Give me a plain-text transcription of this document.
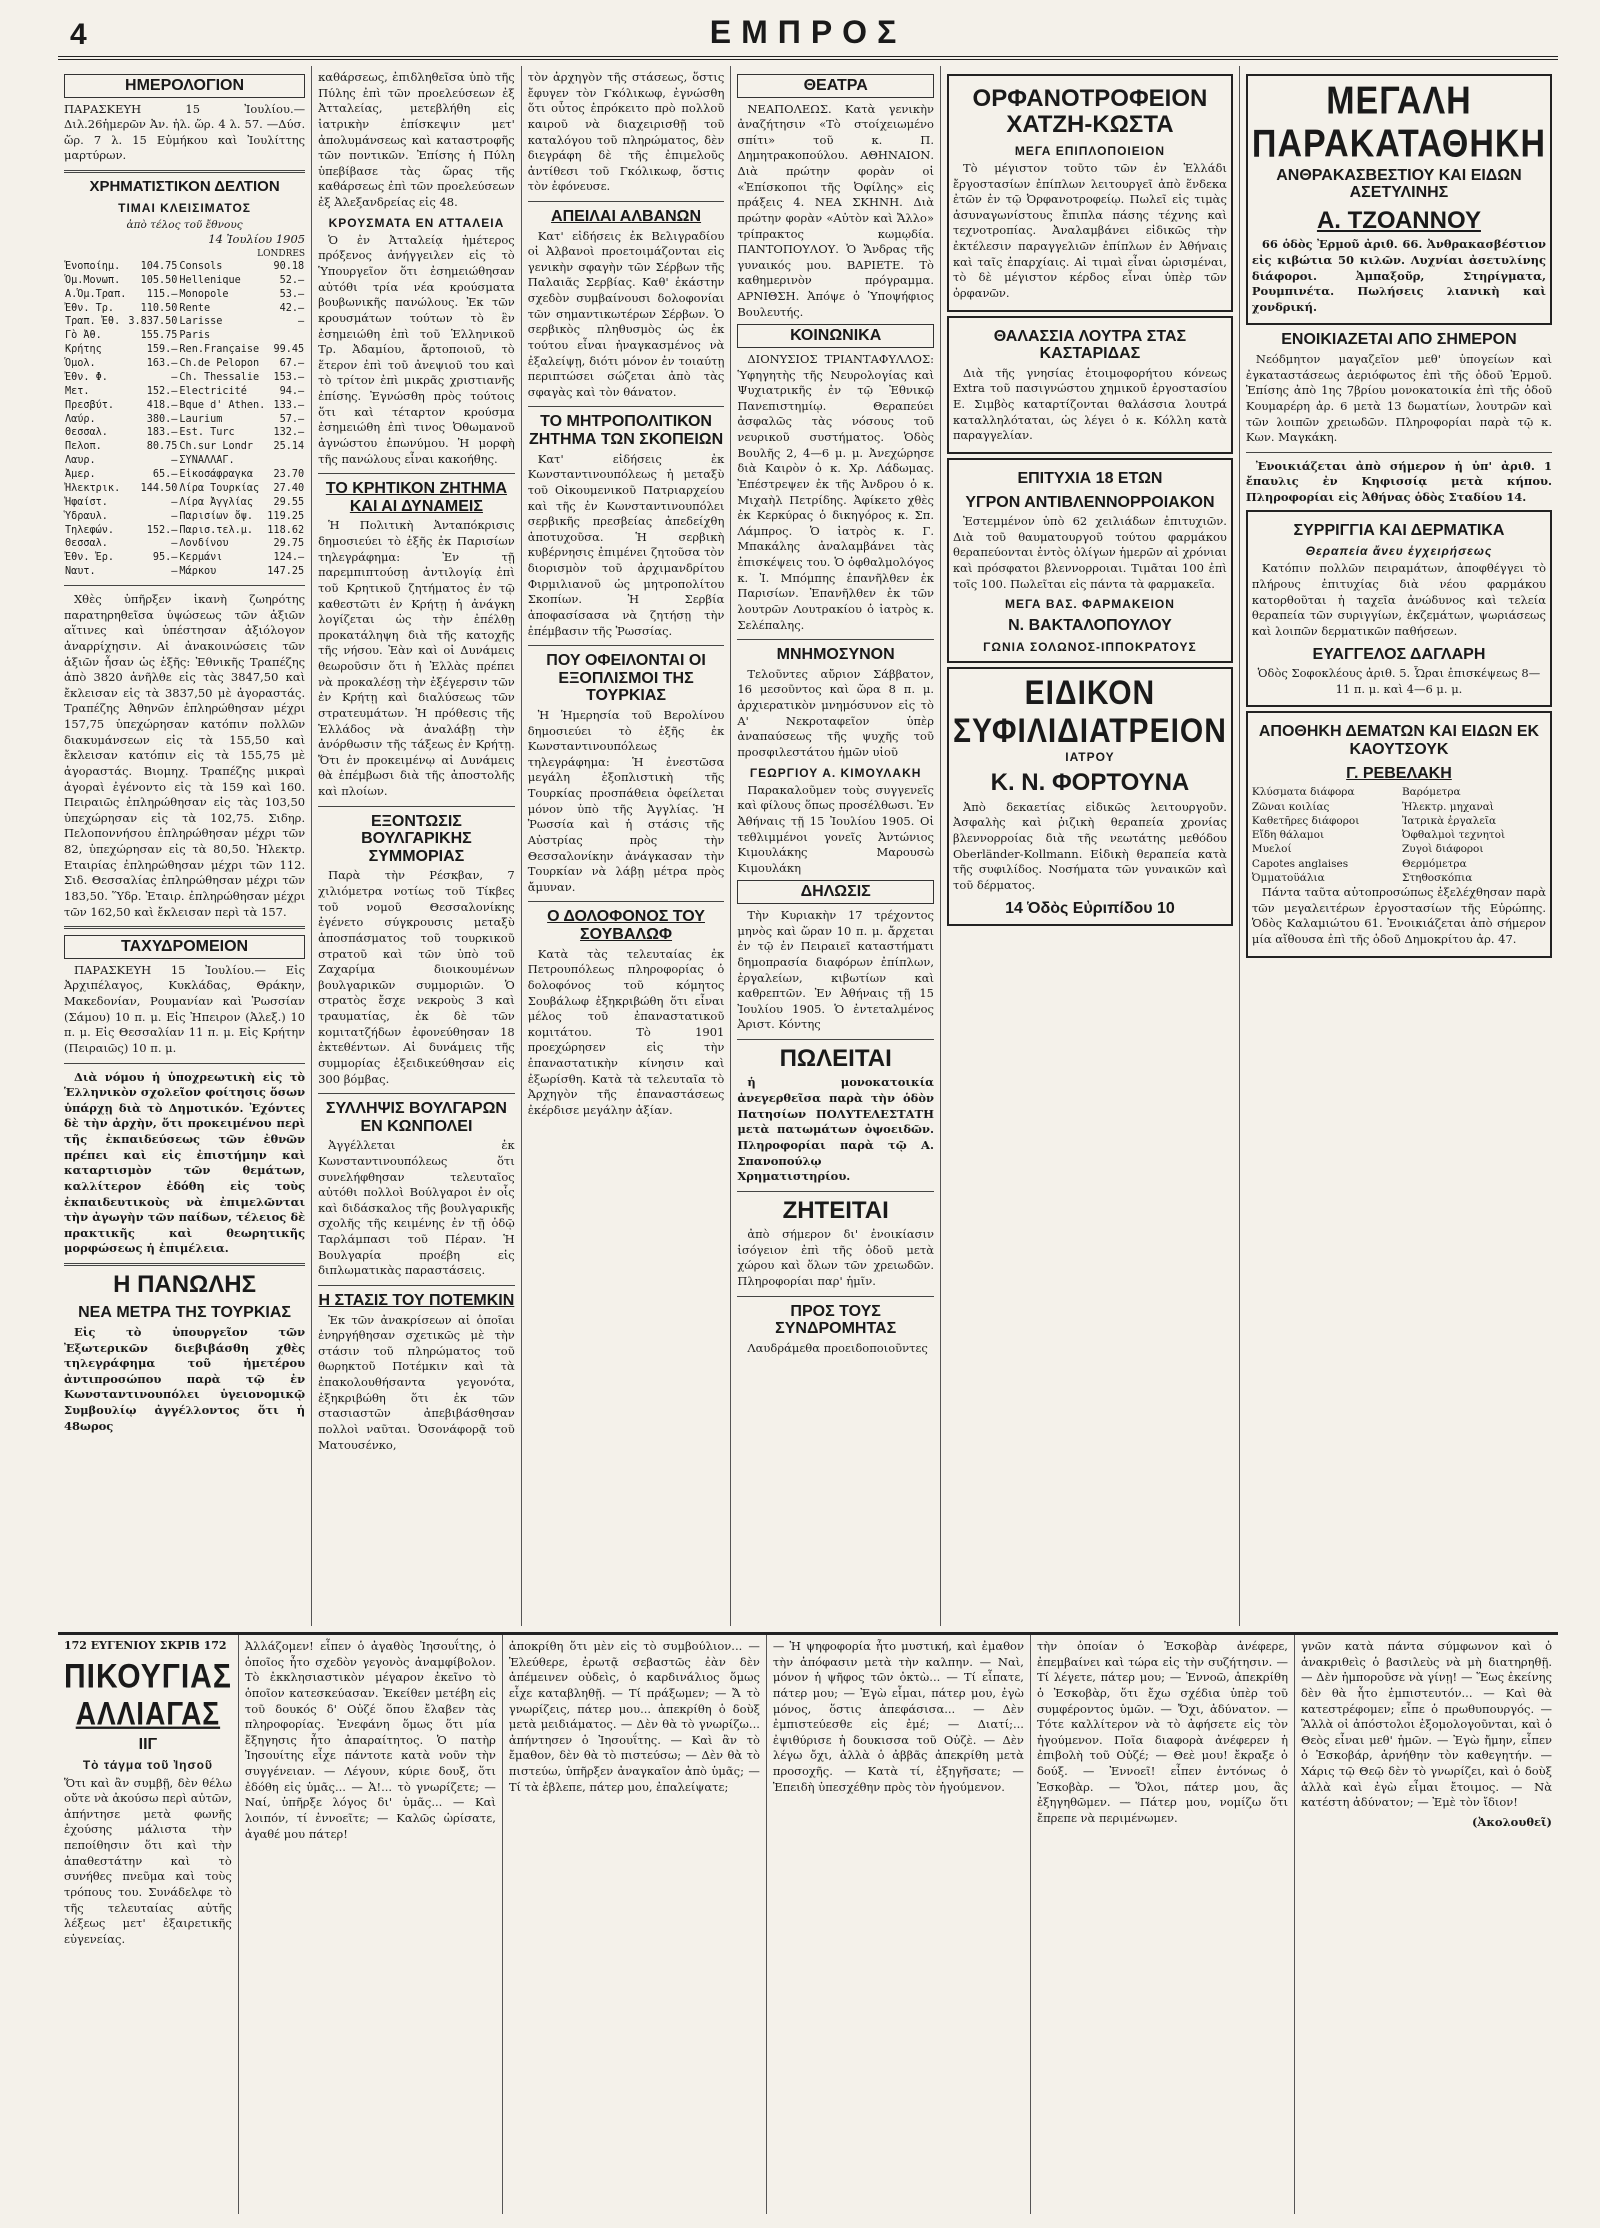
4	ΕΜΠΡΟΣ
ΗΜΕΡΟΛΟΓΙΟΝ

ΠΑΡΑΣΚΕΥΗ 15 Ἰουλίου.—Διλ.26ἡμερῶν Ἀν. ἡλ. ὥρ. 4 λ. 57. —Δύσ. ὥρ. 7 λ. 15 Εὐμήκου καὶ Ἰουλίττης μαρτύρων.

ΧΡΗΜΑΤΙΣΤΙΚΟΝ ΔΕΛΤΙΟΝ
ΤΙΜΑΙ ΚΛΕΙΣΙΜΑΤΟΣ
ἀπὸ τέλος τοῦ ἔθνους
14 Ἰουλίου 1905
LONDRES
Ἑνοποίημ.	104.75	Consols	90.18
Ὁμ.Μονωπ.	105.50	Hellenique	52.—
Α.Ὁμ.Τραπ.	115.—	Monopole	53.—
Ἐθν. Τρ.	110.50	Rente	42.—
Τραπ. Ἐθ.	3.837.50	Larisse	—
Γὸ Ἀθ.	155.75	Paris	
Κρήτης	159.—	Ren.Française	99.45
Ὁμολ.	163.—	Ch.de Pelopon	67.—
Ἐθν. Φ.	—	Ch. Thessalie	153.—
Μετ.	152.—	Electricité	94.—
Πρεσβύτ.	418.—	Bque d' Athen.	133.—
Λαύρ.	380.—	Laurium	57.—
Θεσσαλ.	183.—	Est. Turc	132.—
Πελοπ.	80.75	Ch.sur Londr	25.14
Λαυρ.	—	ΣΥΝΑΛΛΑΓ.	
Ἀμερ.	65.—	Εἰκοσάφραγκα	23.70
Ἠλεκτρικ.	144.50	Λίρα Τουρκίας	27.40
Ἡφαίστ.	—	Λίρα Ἀγγλίας	29.55
Ὑδραυλ.	—	Παρισίων ὄψ.	119.25
Τηλεφών.	152.—	Παρισ.τελ.μ.	118.62
Θεσσαλ.	—	Λονδίνου	29.75
Ἐθν. Ἐρ.	95.—	Κερμάνι	124.—
Ναυτ.	—	Μάρκου	147.25

Χθὲς ὑπῆρξεν ἱκανὴ ζωηρότης παρατηρηθεῖσα ὑψώσεως τῶν ἀξιῶν αἵτινες καὶ ὑπέστησαν ἀξιόλογον ἀναρρίχησιν. Αἱ ἀνακοινώσεις τῶν ἀξιῶν ἦσαν ὡς ἑξῆς: Ἐθνικῆς Τραπέζης ἀπὸ 3820 ἀνῆλθε εἰς τὰς 3847,50 καὶ ἔκλεισαν εἰς τὰ 3837,50 μὲ ἀγοραστάς. Τραπέζης Ἀθηνῶν ἐπληρώθησαν μέχρι 157,75 ὑπεχώρησαν κατόπιν πολλῶν διακυμάνσεων εἰς τὰ 155,50 καὶ ἔκλεισαν κατόπιν εἰς τὰ 155,75 μὲ ἀγοραστάς. Βιομηχ. Τραπέζης μικραὶ ἀγοραὶ ἐγένοντο εἰς τὰ 159 καὶ 160. Πειραιῶς ἐπληρώθησαν εἰς τὰς 103,50 ὑπεχώρησαν εἰς τὰ 102,75. Σιδηρ. Πελοποννήσου ἐπληρώθησαν μέχρι τῶν 82, ὑπεχώρησαν εἰς τὰ 80,50. Ἠλεκτρ. Εταιρίας ἐπληρώθησαν μέχρι τῶν 112. Σιδ. Θεσσαλίας ἐπληρώθησαν μέχρι τῶν 183,50. Ὕδρ. Ἐταιρ. ἐπληρώθησαν μέχρι τῶν 162,50 καὶ ἔκλεισαν περὶ τὰ 157.

ΤΑΧΥΔΡΟΜΕΙΟΝ

ΠΑΡΑΣΚΕΥΗ 15 Ἰουλίου.— Εἰς Ἀρχιπέλαγος, Κυκλάδας, Θράκην, Μακεδονίαν, Ρουμανίαν καὶ Ῥωσσίαν (Σάμου) 10 π. μ. Εἰς Ἠπειρον (Ἀλεξ.) 10 π. μ. Εἰς Θεσσαλίαν 11 π. μ. Εἰς Κρήτην (Πειραιῶς) 10 π. μ.

Διὰ νόμου ἡ ὑποχρεωτικὴ εἰς τὸ Ἑλληνικὸν σχολεῖον φοίτησις ὅσων ὑπάρχῃ διὰ τὸ Δημοτικόν. Ἐχόντες δὲ τὴν ἀρχὴν, ὅτι προκειμένου περὶ τῆς ἐκπαιδεύσεως τῶν ἐθνῶν πρέπει καὶ εἰς ἐπιστήμην καὶ καταρτισμὸν τῶν θεμάτων, καλλίτερον ἐδόθη εἰς τοὺς ἐκπαιδευτικοὺς νὰ ἐπιμελῶνται τὴν ἀγωγὴν τῶν παίδων, τέλειος δὲ πρακτικῆς καὶ θεωρητικῆς μορφώσεως ἡ ἐπιμέλεια.

Η ΠΑΝΩΛΗΣ
ΝΕΑ ΜΕΤΡΑ ΤΗΣ ΤΟΥΡΚΙΑΣ

Εἰς τὸ ὑπουργεῖον τῶν Ἐξωτερικῶν διεβιβάσθη χθὲς τηλεγράφημα τοῦ ἡμετέρου ἀντιπροσώπου παρὰ τῷ ἐν Κωνσταντινουπόλει ὑγειονομικῷ Συμβουλίῳ ἀγγέλλοντος ὅτι ἡ 48ωρος

καθάρσεως, ἐπιδληθεῖσα ὑπὸ τῆς Πύλης ἐπὶ τῶν προελεύσεων ἐξ Ἀτταλείας, μετεβλήθη εἰς ἰατρικὴν ἐπίσκεψιν μετ' ἀπολυμάνσεως καὶ καταστροφῆς τῶν ποντικῶν. Ἐπίσης ἡ Πύλη ὑπεβίβασε τὰς ὥρας τῆς καθάρσεως ἐπὶ τῶν προελεύσεων ἐξ Ἀλεξανδρείας εἰς 48.

ΚΡΟΥΣΜΑΤΑ ΕΝ ΑΤΤΑΛΕΙΑ

Ὁ ἐν Ἀτταλείᾳ ἡμέτερος πρόξενος ἀνήγγειλεν εἰς τὸ Ὑπουργεῖον ὅτι ἐσημειώθησαν αὐτόθι τρία νέα κρούσματα βουβωνικῆς πανώλους. Ἐκ τῶν κρουσμάτων τούτων τὸ ἓν ἐσημειώθη ἐπὶ τοῦ Ἑλληνικοῦ Τρ. Ἀδαμίου, ἄρτοποιοῦ, τὸ ἕτερον ἐπὶ τοῦ ἀνεψιοῦ του καὶ τὸ τρίτον ἐπὶ μικρᾶς χριστιανῆς ἐπίσης. Ἐγνώσθη πρὸς τούτοις ὅτι καὶ τέταρτον κρούσμα ἐσημειώθη ἐπὶ τινος Ὀθωμανοῦ ἀγνώστου ἐπωνύμου. Ἡ μορφὴ τῆς πανώλους εἶναι κακοήθης.

ΤΟ ΚΡΗΤΙΚΟΝ ΖΗΤΗΜΑ ΚΑΙ ΑΙ ΔΥΝΑΜΕΙΣ

Ἡ Πολιτικὴ Ἀνταπόκρισις δημοσιεύει τὸ ἑξῆς ἐκ Παρισίων τηλεγράφημα: Ἐν τῇ παρεμπιπτούσῃ ἀντιλογίᾳ ἐπὶ τοῦ Κρητικοῦ ζητήματος ἐν τῷ καθεστῶτι ἐν Κρήτῃ ἡ ἀνάγκη λογίζεται ὡς τὴν ἐπέλθῃ προκατάληψη διὰ τῆς κατοχῆς τῆς νήσου. Ἐὰν καὶ οἱ Δυνάμεις θεωροῦσιν ὅτι ἡ Ἑλλὰς πρέπει νὰ προκαλέσῃ τὴν ἐξέγερσιν τῶν ἐν Κρήτῃ καὶ διαλύσεως τῶν στρατευμάτων. Ἡ πρόθεσις τῆς Ἑλλάδος νὰ ἀναλάβῃ τὴν ἀνόρθωσιν τῆς τάξεως ἐν Κρήτῃ. Ὅτι ἐν προκειμένῳ αἱ Δυνάμεις θὰ ἐπέμβωσι διὰ τῆς ἀποστολῆς καὶ πλοίων.

ΕΞΟΝΤΩΣΙΣ ΒΟΥΛΓΑΡΙΚΗΣ ΣΥΜΜΟΡΙΑΣ

Παρὰ τὴν Ρέσκβαν, 7 χιλιόμετρα νοτίως τοῦ Τίκβες τοῦ νομοῦ Θεσσαλονίκης ἐγένετο σύγκρουσις μεταξὺ ἀποσπάσματος τοῦ τουρκικοῦ στρατοῦ καὶ τῶν ὑπὸ τοῦ Ζαχαρίμα διοικουμένων βουλγαρικῶν συμμοριῶν. Ὁ στρατὸς ἔσχε νεκροὺς 3 καὶ τραυματίας, ἐκ δὲ τῶν κομιτατζήδων ἐφονεύθησαν 18 ἐκτεθέντων. Αἱ δυνάμεις τῆς συμμορίας ἐξειδικεύθησαν εἰς 300 βόμβας.

ΣΥΛΛΗΨΙΣ ΒΟΥΛΓΑΡΩΝ ΕΝ ΚΩΝΠΟΛΕΙ

Ἀγγέλλεται ἐκ Κωνσταντινουπόλεως ὅτι συνελήφθησαν τελευταῖος αὐτόθι πολλοὶ Βούλγαροι ἐν οἷς καὶ διδάσκαλος τῆς βουλγαρικῆς σχολῆς τῆς κειμένης ἐν τῇ ὁδῷ Ταρλάμπασι τοῦ Πέραν. Ἡ Βουλγαρία προέβη εἰς διπλωματικὰς παραστάσεις.

Η ΣΤΑΣΙΣ ΤΟΥ ΠΟΤΕΜΚΙΝ

Ἐκ τῶν ἀνακρίσεων αἱ ὁποῖαι ἐνηργήθησαν σχετικῶς μὲ τὴν στάσιν τοῦ πληρώματος τοῦ θωρηκτοῦ Ποτέμκιν καὶ τὰ ἐπακολουθήσαντα γεγονότα, ἐξηκριβώθη ὅτι ἐκ τῶν στασιαστῶν ἀπεβιβάσθησαν πολλοὶ ναῦται. Ὀσονάφορᾷ τοῦ Ματουσένκο,

τὸν ἀρχηγὸν τῆς στάσεως, ὅστις ἔφυγεν τὸν Γκόλικωφ, ἐγνώσθη ὅτι οὗτος ἐπρόκειτο πρὸ πολλοῦ καιροῦ νὰ διαχειρισθῇ τοῦ καταλόγου τοῦ πληρώματος, δὲν διεγράφη δὲ τῆς ἐπιμελοῦς ἀντίθεσι τοῦ Γκόλικωφ, ὅστις τὸν ἐφόνευσε.

ΑΠΕΙΛΑΙ ΑΛΒΑΝΩΝ

Κατ' εἰδήσεις ἐκ Βελιγραδίου οἱ Ἀλβανοὶ προετοιμάζονται εἰς γενικὴν σφαγὴν τῶν Σέρβων τῆς Παλαιᾶς Σερβίας. Καθ' ἑκάστην σχεδὸν συμβαίνουσι δολοφονίαι τῶν σημαντικωτέρων Σέρβων. Ὁ σερβικὸς πληθυσμὸς ὡς ἐκ τούτου εἶναι ἠναγκασμένος νὰ ἐξαλείψῃ, διότι μόνον ἐν τοιαύτῃ περιπτώσει σώζεται ἀπὸ τὰς σφαγὰς καὶ τὸν θάνατον.

ΤΟ ΜΗΤΡΟΠΟΛΙΤΙΚΟΝ ΖΗΤΗΜΑ ΤΩΝ ΣΚΟΠΕΙΩΝ

Κατ' εἰδήσεις ἐκ Κωνσταντινουπόλεως ἡ μεταξὺ τοῦ Οἰκουμενικοῦ Πατριαρχείου καὶ τῆς ἐν Κωνσταντινουπόλει σερβικῆς πρεσβείας ἀπεδείχθη ἀποτυχοῦσα. Ἡ σερβικὴ κυβέρνησις ἐπιμένει ζητοῦσα τὸν διορισμὸν τοῦ ἀρχιμανδρίτου Φιρμιλιανοῦ ὡς μητροπολίτου Σκοπίων. Ἡ Σερβία ἀποφασίσασα νὰ ζητήσῃ τὴν ἐπέμβασιν τῆς Ῥωσσίας.

ΠΟΥ ΟΦΕΙΛΟΝΤΑΙ ΟΙ ΕΞΟΠΛΙΣΜΟΙ ΤΗΣ ΤΟΥΡΚΙΑΣ

Ἡ Ἡμερησία τοῦ Βερολίνου δημοσιεύει τὸ ἑξῆς ἐκ Κωνσταντινουπόλεως τηλεγράφημα: Ἡ ἐνεστῶσα μεγάλη ἐξοπλιστικὴ τῆς Τουρκίας προσπάθεια ὀφείλεται μόνον ὑπὸ τῆς Ἀγγλίας. Ἡ Ῥωσσία καὶ ἡ στάσις τῆς Αὐστρίας πρὸς τὴν Θεσσαλονίκην ἀνάγκασαν τὴν Τουρκίαν νὰ λάβῃ μέτρα πρὸς ἄμυναν.

Ο ΔΟΛΟΦΟΝΟΣ ΤΟΥ ΣΟΥΒΑΛΩΦ

Κατὰ τὰς τελευταίας ἐκ Πετρουπόλεως πληροφορίας ὁ δολοφόνος τοῦ κόμητος Σουβάλωφ ἐξηκριβώθη ὅτι εἶναι μέλος τοῦ ἐπαναστατικοῦ κομιτάτου. Τὸ 1901 προεχώρησεν εἰς τὴν ἐπαναστατικὴν κίνησιν καὶ ἐξωρίσθη. Κατὰ τὰ τελευταῖα τὸ Ἀρχηγὸν τῆς ἐπαναστάσεως ἐκέρδισε μεγάλην ἀξίαν.

ΘΕΑΤΡΑ

ΝΕΑΠΟΛΕΩΣ. Κατὰ γενικὴν ἀναζήτησιν «Τὸ στοίχειωμένο σπίτι» τοῦ κ. Π. Δημητρακοπούλου. ΑΘΗΝΑΙΟΝ. Διὰ πρώτην φορὰν οἱ «Ἐπίσκοποι τῆς Ὀφίλης» εἰς πράξεις 4. ΝΕΑ ΣΚΗΝΗ. Διὰ πρώτην φορὰν «Αὐτὸν καὶ Ἄλλο» τρίπρακτος κωμῳδία. ΠΑΝΤΟΠΟΥΛΟΥ. Ὁ Ἄνδρας τῆς γυναικός μου. ΒΑΡΙΕΤΕ. Τὸ καθημερινὸν πρόγραμμα. ΑΡΝΙΘΣΗ. Ἀπόψε ὁ Ὑποψήφιος Βουλευτής.

ΚΟΙΝΩΝΙΚΑ

ΔΙΟΝΥΣΙΟΣ ΤΡΙΑΝΤΑΦΥΛΛΟΣ: Ὑφηγητὴς τῆς Νευρολογίας καὶ Ψυχιατρικῆς ἐν τῷ Ἐθνικῷ Πανεπιστημίῳ. Θεραπεύει ἀσφαλῶς τὰς νόσους τοῦ νευρικοῦ συστήματος. Ὁδὸς Βουλῆς 2, 4—6 μ. μ. Ἀνεχώρησε διὰ Καιρὸν ὁ κ. Χρ. Λάδωμας. Ἐπέστρεψεν ἐκ τῆς Ἀνδρου ὁ κ. Μιχαὴλ Πετρίδης. Ἀφίκετο χθὲς ἐκ Κερκύρας ὁ δικηγόρος κ. Σπ. Λάμπρος. Ὁ ἰατρὸς κ. Γ. Μπακάλης ἀναλαμβάνει τὰς ἐπισκέψεις του. Ὁ ὀφθαλμολόγος κ. Ἰ. Μπόμπης ἐπανῆλθεν ἐκ Παρισίων. Ἐπανῆλθεν ἐκ τῶν λουτρῶν Λουτρακίου ὁ ἰατρὸς κ. Σελέπαλης.

ΜΝΗΜΟΣΥΝΟΝ

Τελοῦντες αὔριον Σάββατον, 16 μεσοῦντος καὶ ὥρα 8 π. μ. ἀρχιερατικὸν μνημόσυνον εἰς τὸ Α' Νεκροταφεῖον ὑπὲρ ἀναπαύσεως τῆς ψυχῆς τοῦ προσφιλεστάτου ἡμῶν υἱοῦ

ΓΕΩΡΓΙΟΥ Α. ΚΙΜΟΥΛΑΚΗ

Παρακαλοῦμεν τοὺς συγγενεῖς καὶ φίλους ὅπως προσέλθωσι. Ἐν Ἀθήναις τῇ 15 Ἰουλίου 1905. Οἱ τεθλιμμένοι γονεῖς Ἀντώνιος Κιμουλάκης Μαρουσὼ Κιμουλάκη

ΔΗΛΩΣΙΣ

Τὴν Κυριακὴν 17 τρέχοντος μηνὸς καὶ ὥραν 10 π. μ. ἄρχεται ἐν τῷ ἐν Πειραιεῖ καταστήματι δημοπρασία διαφόρων ἐπίπλων, ἐργαλείων, κιβωτίων καὶ καθρεπτῶν. Ἐν Ἀθήναις τῇ 15 Ἰουλίου 1905. Ὁ ἐντεταλμένος Ἀριστ. Κόντης

ΠΩΛΕΙΤΑΙ

ἡ μονοκατοικία ἀνεγερθεῖσα παρὰ τὴν ὁδὸν Πατησίων ΠΟΛΥΤΕΛΕΣΤΑΤΗ μετὰ πατωμάτων ὀψοειδῶν. Πληροφορίαι παρὰ τῷ Α. Σπανοπούλῳ Χρηματιστηρίου.

ΖΗΤΕΙΤΑΙ

ἀπὸ σήμερον δι' ἐνοικίασιν ἰσόγειον ἐπὶ τῆς ὁδοῦ μετὰ χώρου καὶ ὅλων τῶν χρειωδῶν. Πληροφορίαι παρ' ἡμῖν.

ΠΡΟΣ ΤΟΥΣ ΣΥΝΔΡΟΜΗΤΑΣ

Λαυδράμεθα προειδοποιοῦντες

ΟΡΦΑΝΟΤΡΟΦΕΙΟΝ ΧΑΤΖΗ-ΚΩΣΤΑ
ΜΕΓΑ ΕΠΙΠΛΟΠΟΙΕΙΟΝ

Τὸ μέγιστον τοῦτο τῶν ἐν Ἑλλάδι ἔργοστασίων ἐπίπλων λειτουργεῖ ἀπὸ ἕνδεκα ἐτῶν ἐν τῷ Ὀρφανοτροφείῳ. Πωλεῖ εἰς τιμὰς ἀσυναγωνίστους ἔπιπλα πάσης τέχνης καὶ τεχνοτροπίας. Ἀναλαμβάνει εἰδικῶς τὴν ἐκτέλεσιν παραγγελιῶν ἐπίπλων ἐν Ἀθήναις καὶ ταῖς ἐπαρχίαις. Αἱ τιμαὶ εἶναι ὡρισμέναι, τὸ δὲ μέγιστον κέρδος εἶναι ὑπὲρ τῶν ὀρφανῶν.

ΘΑΛΑΣΣΙΑ ΛΟΥΤΡΑ ΣΤΑΣ ΚΑΣΤΑΡΙΔΑΣ

Διὰ τῆς γνησίας ἑτοιμοφορήτου κόνεως Extra τοῦ πασιγνώστου χημικοῦ ἐργοστασίου Ε. Σιμβὸς καταρτίζονται θαλάσσια λουτρά καταλληλόταται, ὡς λέγει ὁ κ. Κόλλη κατὰ παραγγελίαν.

ΕΠΙΤΥΧΙΑ 18 ΕΤΩΝ
ΥΓΡΟΝ ΑΝΤΙΒΛΕΝΝΟΡΡΟΙΑΚΟΝ

Ἐστεμμένον ὑπὸ 62 χειλιάδων ἐπιτυχιῶν. Διὰ τοῦ θαυματουργοῦ τούτου φαρμάκου θεραπεύονται ἐντὸς ὀλίγων ἡμερῶν αἱ χρόνιαι καὶ πρόσφατοι βλεννορροιαι. Τιμᾶται 100 ἐπὶ τοῖς 100. Πωλεῖται εἰς πάντα τὰ φαρμακεῖα.

ΜΕΓΑ ΒΑΣ. ΦΑΡΜΑΚΕΙΟΝ
Ν. ΒΑΚΤΑΛΟΠΟΥΛΟΥ
ΓΩΝΙΑ ΣΟΛΩΝΟΣ-ΙΠΠΟΚΡΑΤΟΥΣ
ΕΙΔΙΚΟΝ ΣΥΦΙΛΙΔΙΑΤΡΕΙΟΝ
ΙΑΤΡΟΥ
Κ. Ν. ΦΟΡΤΟΥΝΑ

Ἀπὸ δεκαετίας εἰδικῶς λειτουργοῦν. Ἀσφαλὴς καὶ ῥιζικὴ θεραπεία χρονίας βλεννορροίας διὰ τῆς νεωτάτης μεθόδου Oberländer-Kollmann. Εἰδικὴ θεραπεία κατὰ τῆς συφιλίδος. Νοσήματα τῶν γυναικῶν καὶ τοῦ δέρματος.

14 Ὁδὸς Εὐριπίδου 10
ΜΕΓΑΛΗ ΠΑΡΑΚΑΤΑΘΗΚΗ
ΑΝΘΡΑΚΑΣΒΕΣΤΙΟΥ ΚΑΙ ΕΙΔΩΝ ΑΣΕΤΥΛΙΝΗΣ
Α. ΤΖΟΑΝΝΟΥ

66 ὁδὸς Ἐρμοῦ ἀριθ. 66. Ἀνθρακασβέστιον εἰς κιβώτια 50 κιλῶν. Λυχνίαι ἀσετυλίνης διάφοροι. Ἀμπαξοῦρ, Στηρίγματα, Ρουμπινέτα. Πωλήσεις λιανικὴ καὶ χονδρική.

ΕΝΟΙΚΙΑΖΕΤΑΙ ΑΠΟ ΣΗΜΕΡΟΝ

Νεόδμητον μαγαζεῖον μεθ' ὑπογείων καὶ ἐγκαταστάσεως ἀεριόφωτος ἐπὶ τῆς ὁδοῦ Ἑρμοῦ. Ἐπίσης ἀπὸ 1ης 7βρίου μονοκατοικία ἐπὶ τῆς ὁδοῦ Κουμαρέρη ἀρ. 6 μετὰ 13 δωματίων, λουτρῶν καὶ τῶν λοιπῶν χρειωδῶν. Πληροφορίαι παρὰ τῷ κ. Κων. Μαγκάκη.

Ἐνοικιάζεται ἀπὸ σήμερον ἡ ὑπ' ἀριθ. 1 ἔπαυλις ἐν Κηφισσίᾳ μετὰ κήπου. Πληροφορίαι εἰς Ἀθήνας ὁδὸς Σταδίου 14.

ΣΥΡΡΙΓΓΙΑ ΚΑΙ ΔΕΡΜΑΤΙΚΑ
Θεραπεία ἄνευ ἐγχειρήσεως

Κατόπιν πολλῶν πειραμάτων, ἀποφθέγγει τὸ πλήρους ἐπιτυχίας διὰ νέου φαρμάκου κατορθοῦται ἡ ταχεῖα ἀνώδυνος καὶ τελεία θεραπεία τῶν συριγγίων, ἐκζεμάτων, ψωριάσεως καὶ λοιπῶν δερματικῶν παθήσεων.

ΕΥΑΓΓΕΛΟΣ ΔΑΓΛΑΡΗ

Ὁδὸς Σοφοκλέους ἀριθ. 5. Ὧραι ἐπισκέψεως 8—11 π. μ. καὶ 4—6 μ. μ.

ΑΠΟΘΗΚΗ ΔΕΜΑΤΩΝ ΚΑΙ ΕΙΔΩΝ ΕΚ ΚΑΟΥΤΣΟΥΚ
Γ. ΡΕΒΕΛΑΚΗ
Κλύσματα διάφορα
Ζῶναι κοιλίας
Καθετῆρες διάφοροι
Εἴδη θάλαμοι
Μυελοί
Capotes anglaises
Ὀμματοϋάλια
Βαρόμετρα
Ἠλεκτρ. μηχαναὶ
Ἰατρικὰ ἐργαλεῖα
Ὀφθαλμοὶ τεχνητοὶ
Ζυγοὶ διάφοροι
Θερμόμετρα
Στηθοσκόπια

Πάντα ταῦτα αὐτοπροσώπως ἐξελέχθησαν παρὰ τῶν μεγαλειτέρων ἐργοστασίων τῆς Εὐρώπης. Ὁδὸς Καλαμιώτου 61. Ἐνοικιάζεται ἀπὸ σήμερον μία αἴθουσα ἐπὶ τῆς ὁδοῦ Δημοκρίτου ἀρ. 47.

172 ΕΥΓΕΝΙΟΥ ΣΚΡΙΒ 172
ΠΙΚΟΥΓΙΑΣ
ΑΛΛΙΑΓΑΣ
ΙΙΓ
Τὸ τάγμα τοῦ Ἰησοῦ

Ὅτι καὶ ἂν συμβῇ, δὲν θέλω οὔτε νὰ ἀκούσω περὶ αὐτῶν, ἀπήντησε μετὰ φωνῆς ἐχούσης μάλιστα τὴν πεποίθησιν ὅτι καὶ τὴν ἀπαθεστάτην καὶ τὸ συνήθες πνεῦμα καὶ τοὺς τρόπους του. Συνάδελφε τὸ τῆς τελευταίας αὐτῆς λέξεως μετ' ἐξαιρετικῆς εὐγενείας.

Ἀλλάζομεν! εἶπεν ὁ ἀγαθὸς Ἰησουΐτης, ὁ ὁποῖος ἦτο σχεδὸν γεγονὸς ἀναμφίβολον. Τὸ ἐκκλησιαστικὸν μέγαρον ἐκεῖνο τὸ ὁποῖον κατεσκεύασαν. Ἐκείθεν μετέβη εἰς τοῦ δουκός δ' Οὐζέ ὅπου ἔλαβεν τὰς πληροφορίας. Ἐνεφάνη ὅμως ὅτι μία ἔξηγησις ἦτο ἀπαραίτητος. Ὁ πατὴρ Ἰησουίτης εἶχε πάντοτε κατὰ νοῦν τὴν συγγένειαν. — Λέγουν, κύριε δουξ, ὅτι ἐδόθη εἰς ὑμᾶς... — Ἀ!... τὸ γνωρίζετε; — Ναί, ὑπῆρξε λόγος δι' ὑμᾶς... — Καὶ λοιπόν, τί ἐννοεῖτε; — Καλῶς ὡρίσατε, ἀγαθέ μου πάτερ!

ἀποκρίθη ὅτι μὲν εἰς τὸ συμβούλιον... — Ἐλεύθερε, ἐρωτᾷ σεβαστῶς ἐὰν δὲν ἀπέμεινεν οὐδεὶς, ὁ καρδινάλιος ὅμως εἶχε καταβληθῇ. — Τί πράξωμεν; — Ἄ τὸ γνωρίζεις, πάτερ μου... ἀπεκρίθη ὁ δοὺξ μετὰ μειδιάματος. — Δὲν θὰ τὸ γνωρίζω... ἀπήντησεν ὁ Ἰησουΐτης. — Καὶ ἂν τὸ ἔμαθον, δὲν θὰ τὸ πιστεύσω; — Δὲν θὰ τὸ πιστεύω, ὑπῆρξεν ἀναγκαῖον ἀπὸ ὑμᾶς; — Τί τὰ ἐβλεπε, πάτερ μου, ἐπαλείψατε;

— Ἡ ψηφοφορία ἦτο μυστική, καὶ ἐμαθον τὴν ἀπόφασιν μετὰ τὴν καλπην. — Ναὶ, μόνον ἡ ψῆφος τῶν ὀκτὼ... — Τί εἶπατε, πάτερ μου; — Ἐγὼ εἶμαι, πάτερ μου, ἐγὼ μόνος, ὅστις ἀπεφάσισα... — Δὲν ἐμπιστεύεσθε εἰς ἐμέ; — Διατί;... ἐψιθύρισε ἡ δουκισσα τοῦ Οὐζὲ. — Δὲν λέγω ὄχι, ἀλλὰ ὁ ἀββᾶς ἀπεκρίθη μετὰ προσοχῆς. — Κατὰ τί, ἐξηγῆσατε; — Ἐπειδὴ ὑπεσχέθην πρὸς τὸν ἡγούμενον.

τὴν ὁποίαν ὁ Ἐσκοβὰρ ἀνέφερε, ἐπεμβαίνει καὶ τώρα εἰς τὴν συζήτησιν. — Τί λέγετε, πάτερ μου; — Ἐννοῶ, ἀπεκρίθη ὁ Ἐσκοβὰρ, ὅτι ἔχω σχέδια ὑπὲρ τοῦ συμφέροντος ὑμῶν. — Ὄχι, ἀδύνατον. — Τότε καλλίτερον νὰ τὸ ἀφήσετε εἰς τὸν ἡγούμενον. Ποῖα διαφορὰ ἀνέφερεν ἡ ἐπιβολὴ τοῦ Οὐζέ; — Θεὲ μου! ἔκραξε ὁ δούξ. — Ἐννοεῖ! εἶπεν ἐντόνως ὁ Ἐσκοβὰρ. — Ὅλοι, πάτερ μου, ἂς ἐξηγηθῶμεν. — Πάτερ μου, νομίζω ὅτι ἔπρεπε νὰ περιμένωμεν.

γνῶν κατὰ πάντα σύμφωνον καὶ ὁ ἀνακριθεὶς ὁ βασιλεὺς νὰ μὴ διατηρηθῇ. — Δὲν ἠμποροῦσε νὰ γίνῃ! — Ἕως ἐκείνης δὲν θὰ ἦτο ἐμπιστευτόν... — Καὶ θὰ κατεστρέφομεν; εἶπε ὁ πρωθυπουργός. — Ἂλλὰ οἱ ἀπόστολοι ἐξομολογοῦνται, καὶ ὁ Θεὸς εἶναι μεθ' ἡμῶν. — Ἐγὼ ἤμην, εἶπεν ὁ Ἐσκοβάρ, ἀρνήθην τὸν καθεγητήν. — Χάρις τῷ Θεῷ δὲν τὸ γνωρίζει, καὶ ὁ δοὺξ ἀλλὰ καὶ ἐγὼ εἶμαι ἔτοιμος. — Νὰ κατέστη ἀδύνατον; — Ἐμὲ τὸν ἴδιον!

(Ἀκολουθεῖ)
